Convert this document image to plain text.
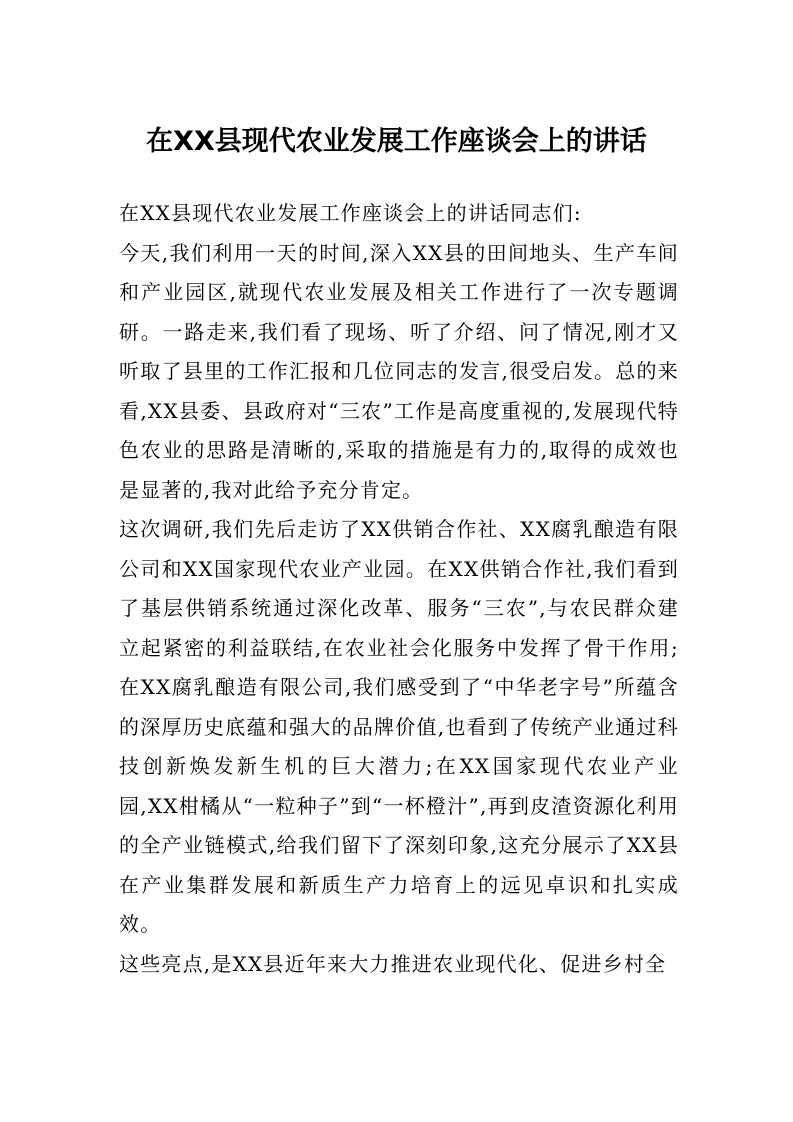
在XX县现代农业发展工作座谈会上的讲话

在XX县现代农业发展工作座谈会上的讲话同志们:

今天,我们利用一天的时间,深入XX县的田间地头、生产车间和产业园区,就现代农业发展及相关工作进行了一次专题调研。一路走来,我们看了现场、听了介绍、问了情况,刚才又听取了县里的工作汇报和几位同志的发言,很受启发。总的来看,XX县委、县政府对“三农”工作是高度重视的,发展现代特色农业的思路是清晰的,采取的措施是有力的,取得的成效也是显著的,我对此给予充分肯定。

这次调研,我们先后走访了XX供销合作社、XX腐乳酿造有限公司和XX国家现代农业产业园。在XX供销合作社,我们看到了基层供销系统通过深化改革、服务“三农”,与农民群众建立起紧密的利益联结,在农业社会化服务中发挥了骨干作用;在XX腐乳酿造有限公司,我们感受到了“中华老字号”所蕴含的深厚历史底蕴和强大的品牌价值,也看到了传统产业通过科技创新焕发新生机的巨大潜力;在XX国家现代农业产业园,XX柑橘从“一粒种子”到“一杯橙汁”,再到皮渣资源化利用的全产业链模式,给我们留下了深刻印象,这充分展示了XX县在产业集群发展和新质生产力培育上的远见卓识和扎实成效。

这些亮点,是XX县近年来大力推进农业现代化、促进乡村全
